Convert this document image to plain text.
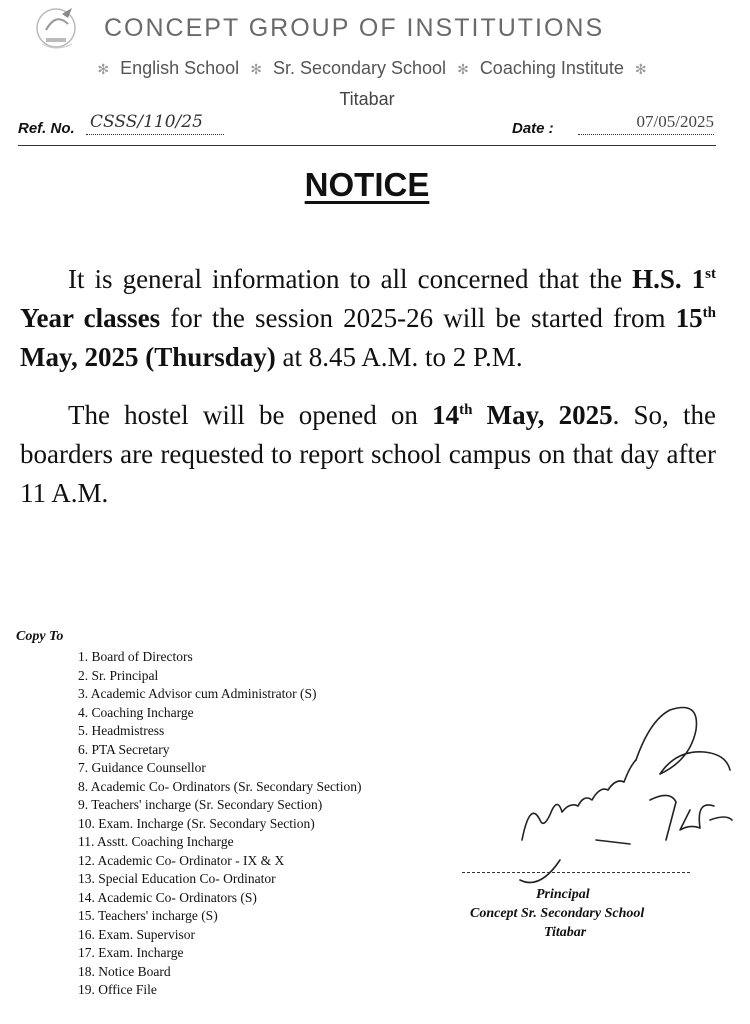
CONCEPT GROUP OF INSTITUTIONS
✻ English School ✻ Sr. Secondary School ✻ Coaching Institute ✻
Titabar
Ref. No. CSSS/110/25	Date :	07/05/2025
NOTICE
It is general information to all concerned that the H.S. 1st Year classes for the session 2025-26 will be started from 15th May, 2025 (Thursday) at 8.45 A.M. to 2 P.M.
The hostel will be opened on 14th May, 2025. So, the boarders are requested to report school campus on that day after 11 A.M.
Copy To
1. Board of Directors
2. Sr. Principal
3. Academic Advisor cum Administrator (S)
4. Coaching Incharge
5. Headmistress
6. PTA Secretary
7. Guidance Counsellor
8. Academic Co- Ordinators (Sr. Secondary Section)
9. Teachers' incharge (Sr. Secondary Section)
10. Exam. Incharge (Sr. Secondary Section)
11. Asstt. Coaching Incharge
12. Academic Co- Ordinator - IX & X
13. Special Education Co- Ordinator
14. Academic Co- Ordinators (S)
15. Teachers' incharge (S)
16. Exam. Supervisor
17. Exam. Incharge
18. Notice Board
19. Office File
Principal
Concept Sr. Secondary School
Titabar
